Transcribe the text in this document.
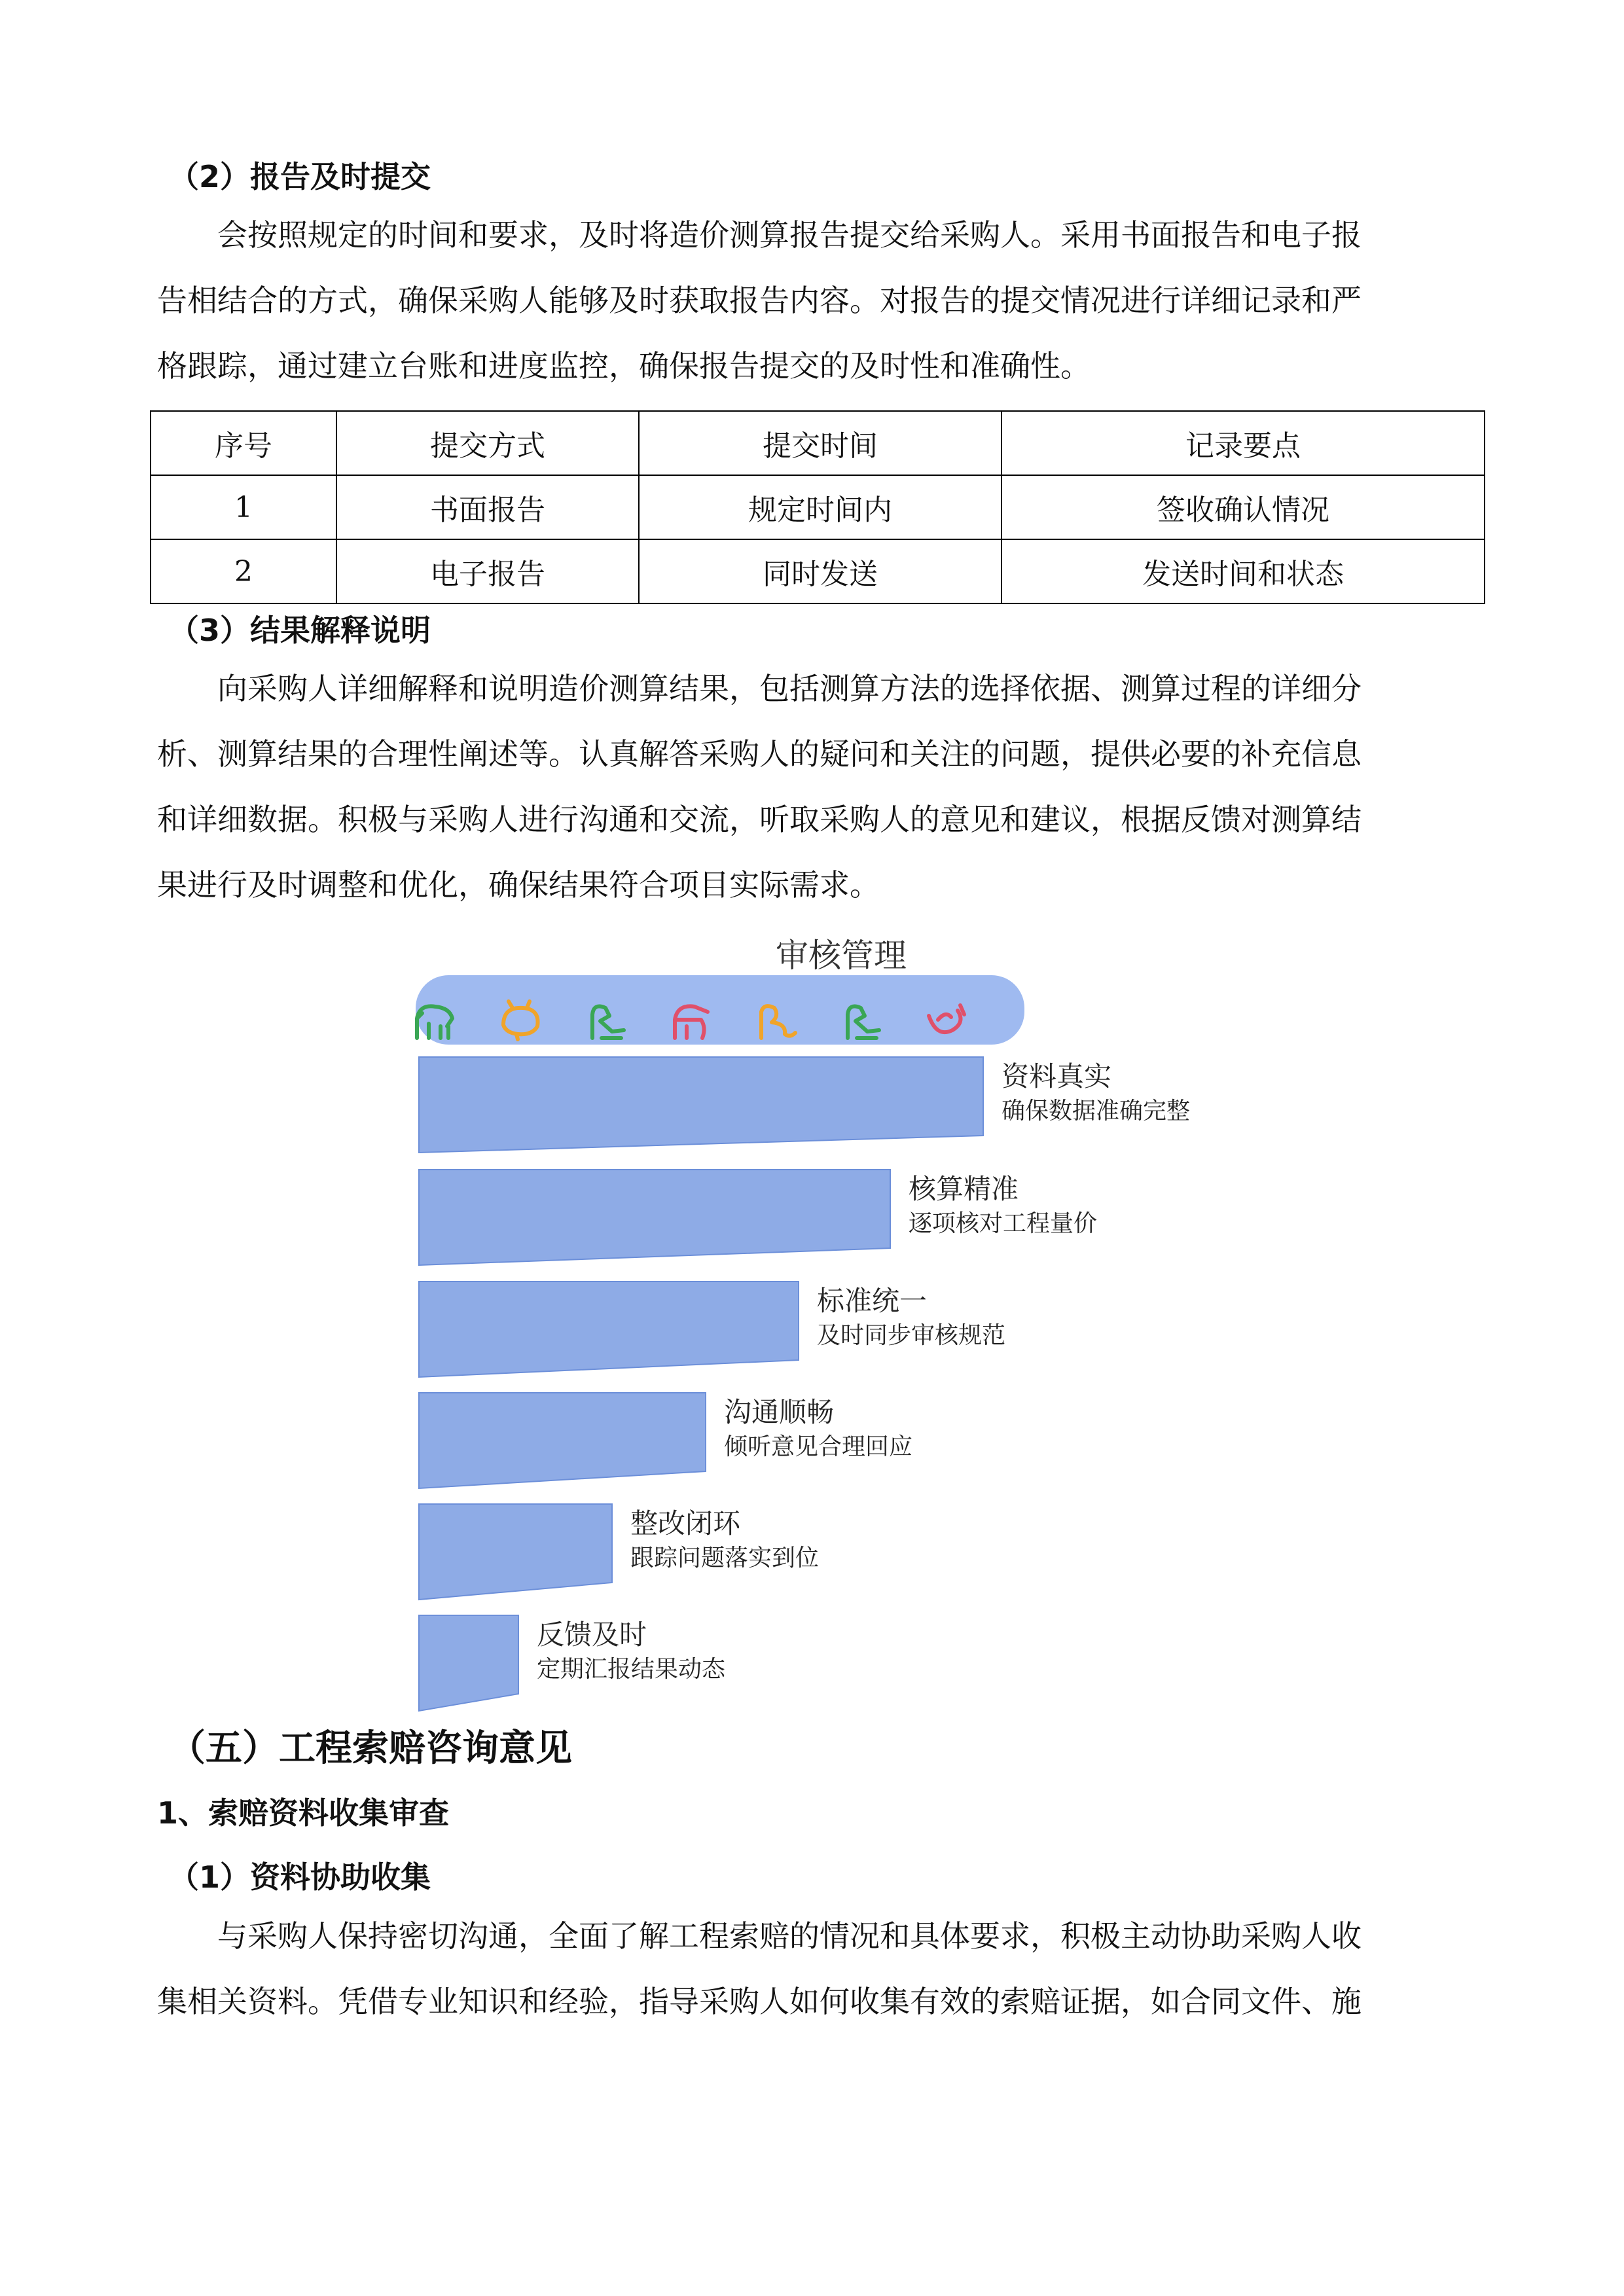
（2）报告及时提交

会按照规定的时间和要求，及时将造价测算报告提交给采购人。采用书面报告和电子报

告相结合的方式，确保采购人能够及时获取报告内容。对报告的提交情况进行详细记录和严

格跟踪，通过建立台账和进度监控，确保报告提交的及时性和准确性。

序号	提交方式	提交时间	记录要点
1	书面报告	规定时间内	签收确认情况
2	电子报告	同时发送	发送时间和状态
（3）结果解释说明

向采购人详细解释和说明造价测算结果，包括测算方法的选择依据、测算过程的详细分

析、测算结果的合理性阐述等。认真解答采购人的疑问和关注的问题，提供必要的补充信息

和详细数据。积极与采购人进行沟通和交流，听取采购人的意见和建议，根据反馈对测算结

果进行及时调整和优化，确保结果符合项目实际需求。

审核管理
资料真实
确保数据准确完整
核算精准
逐项核对工程量价
标准统一
及时同步审核规范
沟通顺畅
倾听意见合理回应
整改闭环
跟踪问题落实到位
反馈及时
定期汇报结果动态
（五）工程索赔咨询意见
1、索赔资料收集审查
（1）资料协助收集

与采购人保持密切沟通，全面了解工程索赔的情况和具体要求，积极主动协助采购人收

集相关资料。凭借专业知识和经验，指导采购人如何收集有效的索赔证据，如合同文件、施
